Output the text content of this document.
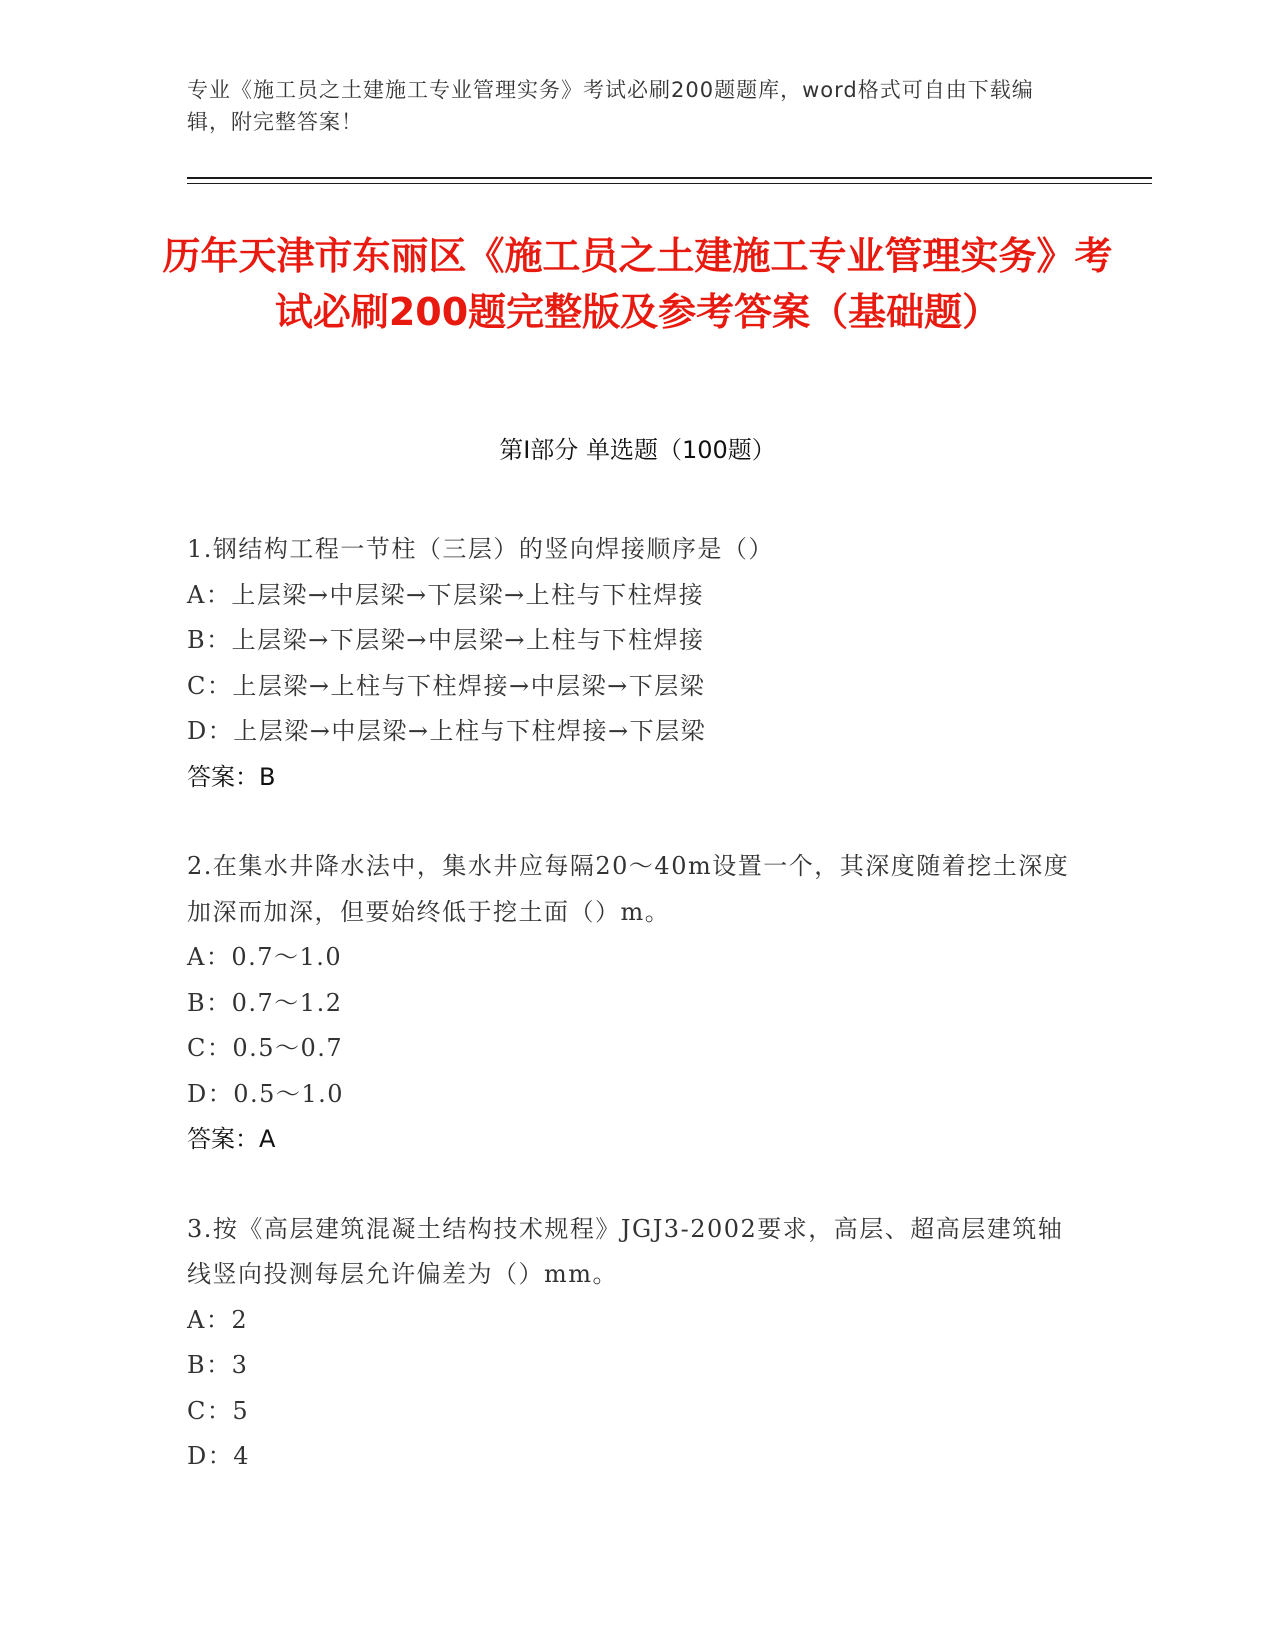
专业《施工员之土建施工专业管理实务》考试必刷200题题库，word格式可自由下载编辑，附完整答案！
历年天津市东丽区《施工员之土建施工专业管理实务》考试必刷200题完整版及参考答案（基础题）
第I部分 单选题（100题）

1.钢结构工程一节柱（三层）的竖向焊接顺序是（）

A：上层梁→中层梁→下层梁→上柱与下柱焊接

B：上层梁→下层梁→中层梁→上柱与下柱焊接

C：上层梁→上柱与下柱焊接→中层梁→下层梁

D：上层梁→中层梁→上柱与下柱焊接→下层梁

答案：B

2.在集水井降水法中，集水井应每隔20～40m设置一个，其深度随着挖土深度加深而加深，但要始终低于挖土面（）m。

A：0.7～1.0

B：0.7～1.2

C：0.5～0.7

D：0.5～1.0

答案：A

3.按《高层建筑混凝土结构技术规程》JGJ3-2002要求，高层、超高层建筑轴线竖向投测每层允许偏差为（）mm。

A：2

B：3

C：5

D：4
